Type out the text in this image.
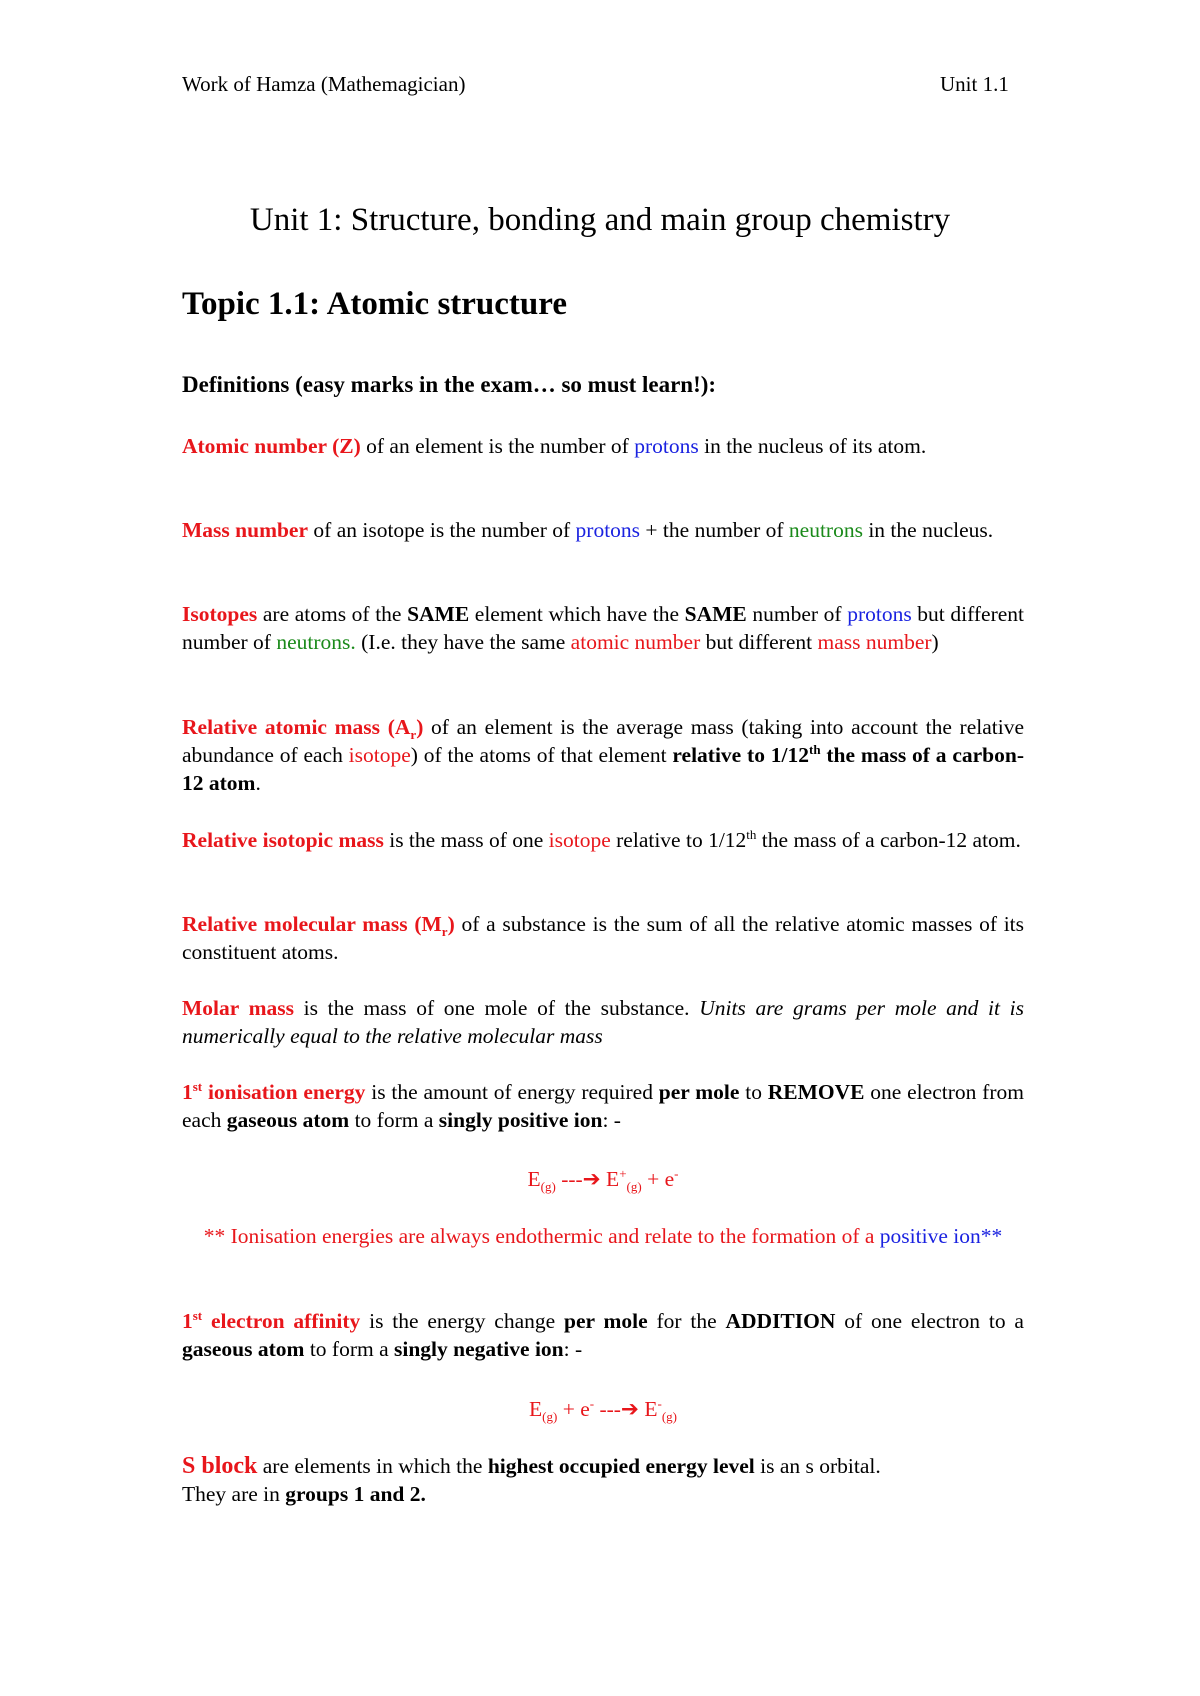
Work of Hamza (Mathemagician)	Unit 1.1
Unit 1: Structure, bonding and main group chemistry
Topic 1.1: Atomic structure
Definitions (easy marks in the exam… so must learn!):
Atomic number (Z) of an element is the number of protons in the nucleus of its atom.
Mass number of an isotope is the number of protons + the number of neutrons in the nucleus.
Isotopes are atoms of the SAME element which have the SAME number of protons but different number of neutrons. (I.e. they have the same atomic number but different mass number)
Relative atomic mass $(A_r)$ of an element is the average mass (taking into account the relative abundance of each isotope) of the atoms of that element relative to 1/12th the mass of a carbon-12 atom.
Relative isotopic mass is the mass of one isotope relative to 1/12th the mass of a carbon-12 atom.
Relative molecular mass $(M_r)$ of a substance is the sum of all the relative atomic masses of its constituent atoms.
Molar mass is the mass of one mole of the substance. Units are grams per mole and it is numerically equal to the relative molecular mass
1st ionisation energy is the amount of energy required per mole to REMOVE one electron from each gaseous atom to form a singly positive ion: -
$E_{(g)}$ ---➔ $E^+_{(g)} + e^-$
** Ionisation energies are always endothermic and relate to the formation of a positive ion**
1st electron affinity is the energy change per mole for the ADDITION of one electron to a gaseous atom to form a singly negative ion: -
$E_{(g)} + e^-$ ---➔ $E^-_{(g)}$
S block are elements in which the highest occupied energy level is an s orbital.
They are in groups 1 and 2.
